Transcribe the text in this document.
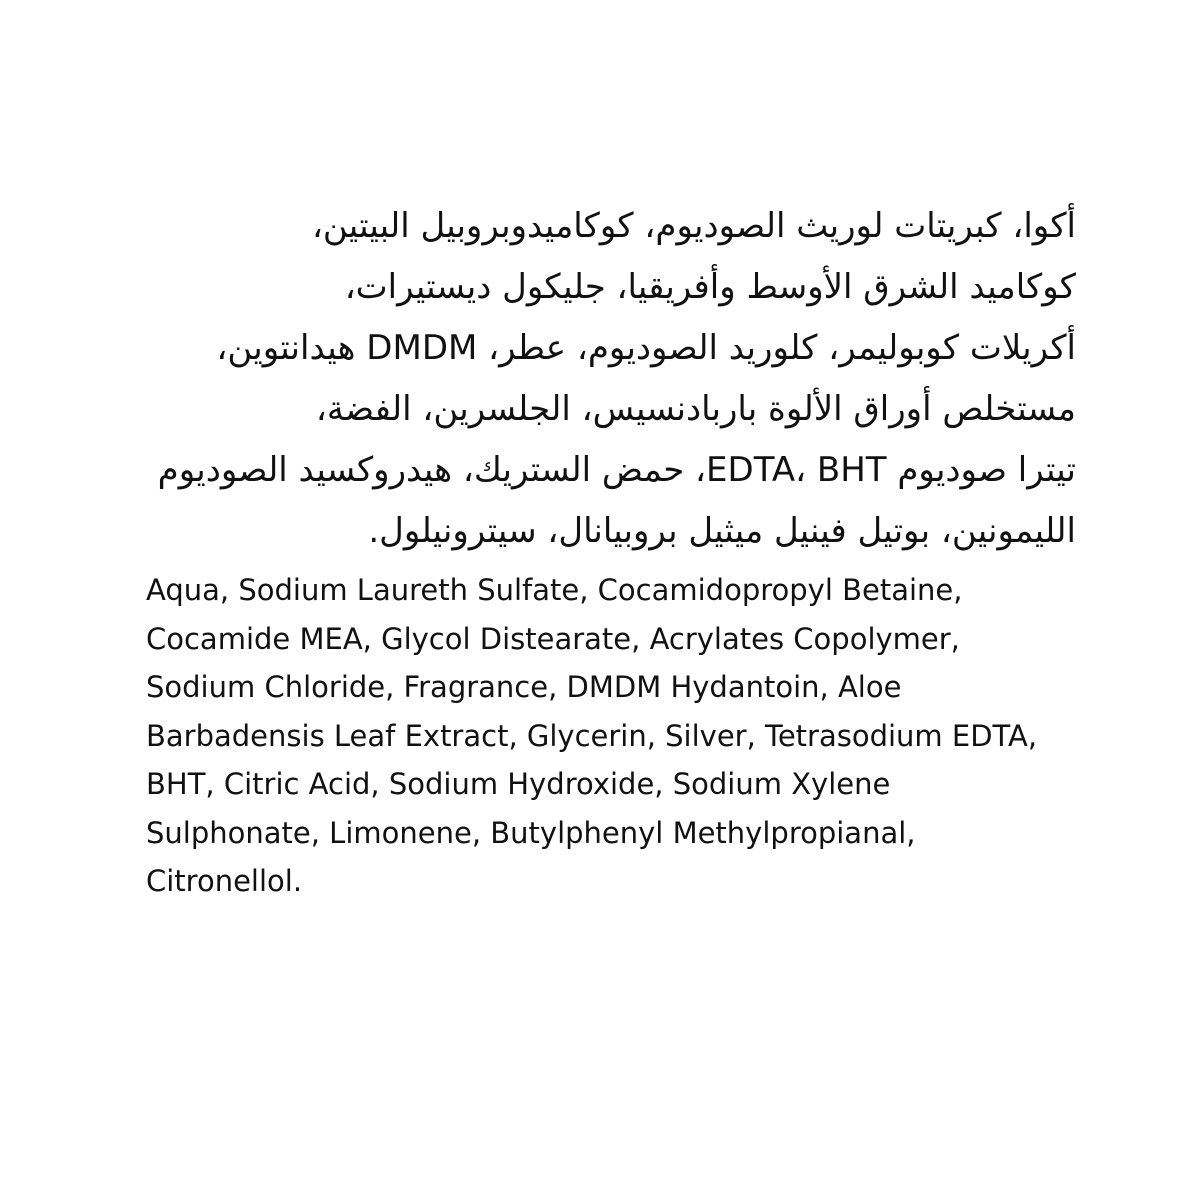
أكوا، كبريتات لوريث الصوديوم، كوكاميدوبروبيل البيتين،
كوكاميد الشرق الأوسط وأفريقيا، جليكول ديستيرات،
أكريلات كوبوليمر، كلوريد الصوديوم، عطر، DMDM هيدانتوين،
مستخلص أوراق الألوة باربادنسيس، الجلسرين، الفضة،
تيترا صوديوم EDTA، BHT، حمض الستريك، هيدروكسيد الصوديوم
الليمونين، بوتيل فينيل ميثيل بروبيانال، سيترونيلول.
Aqua, Sodium Laureth Sulfate, Cocamidopropyl Betaine,
Cocamide MEA, Glycol Distearate, Acrylates Copolymer,
Sodium Chloride, Fragrance, DMDM Hydantoin, Aloe
Barbadensis Leaf Extract, Glycerin, Silver, Tetrasodium EDTA,
BHT, Citric Acid, Sodium Hydroxide, Sodium Xylene
Sulphonate, Limonene, Butylphenyl Methylpropianal,
Citronellol.
